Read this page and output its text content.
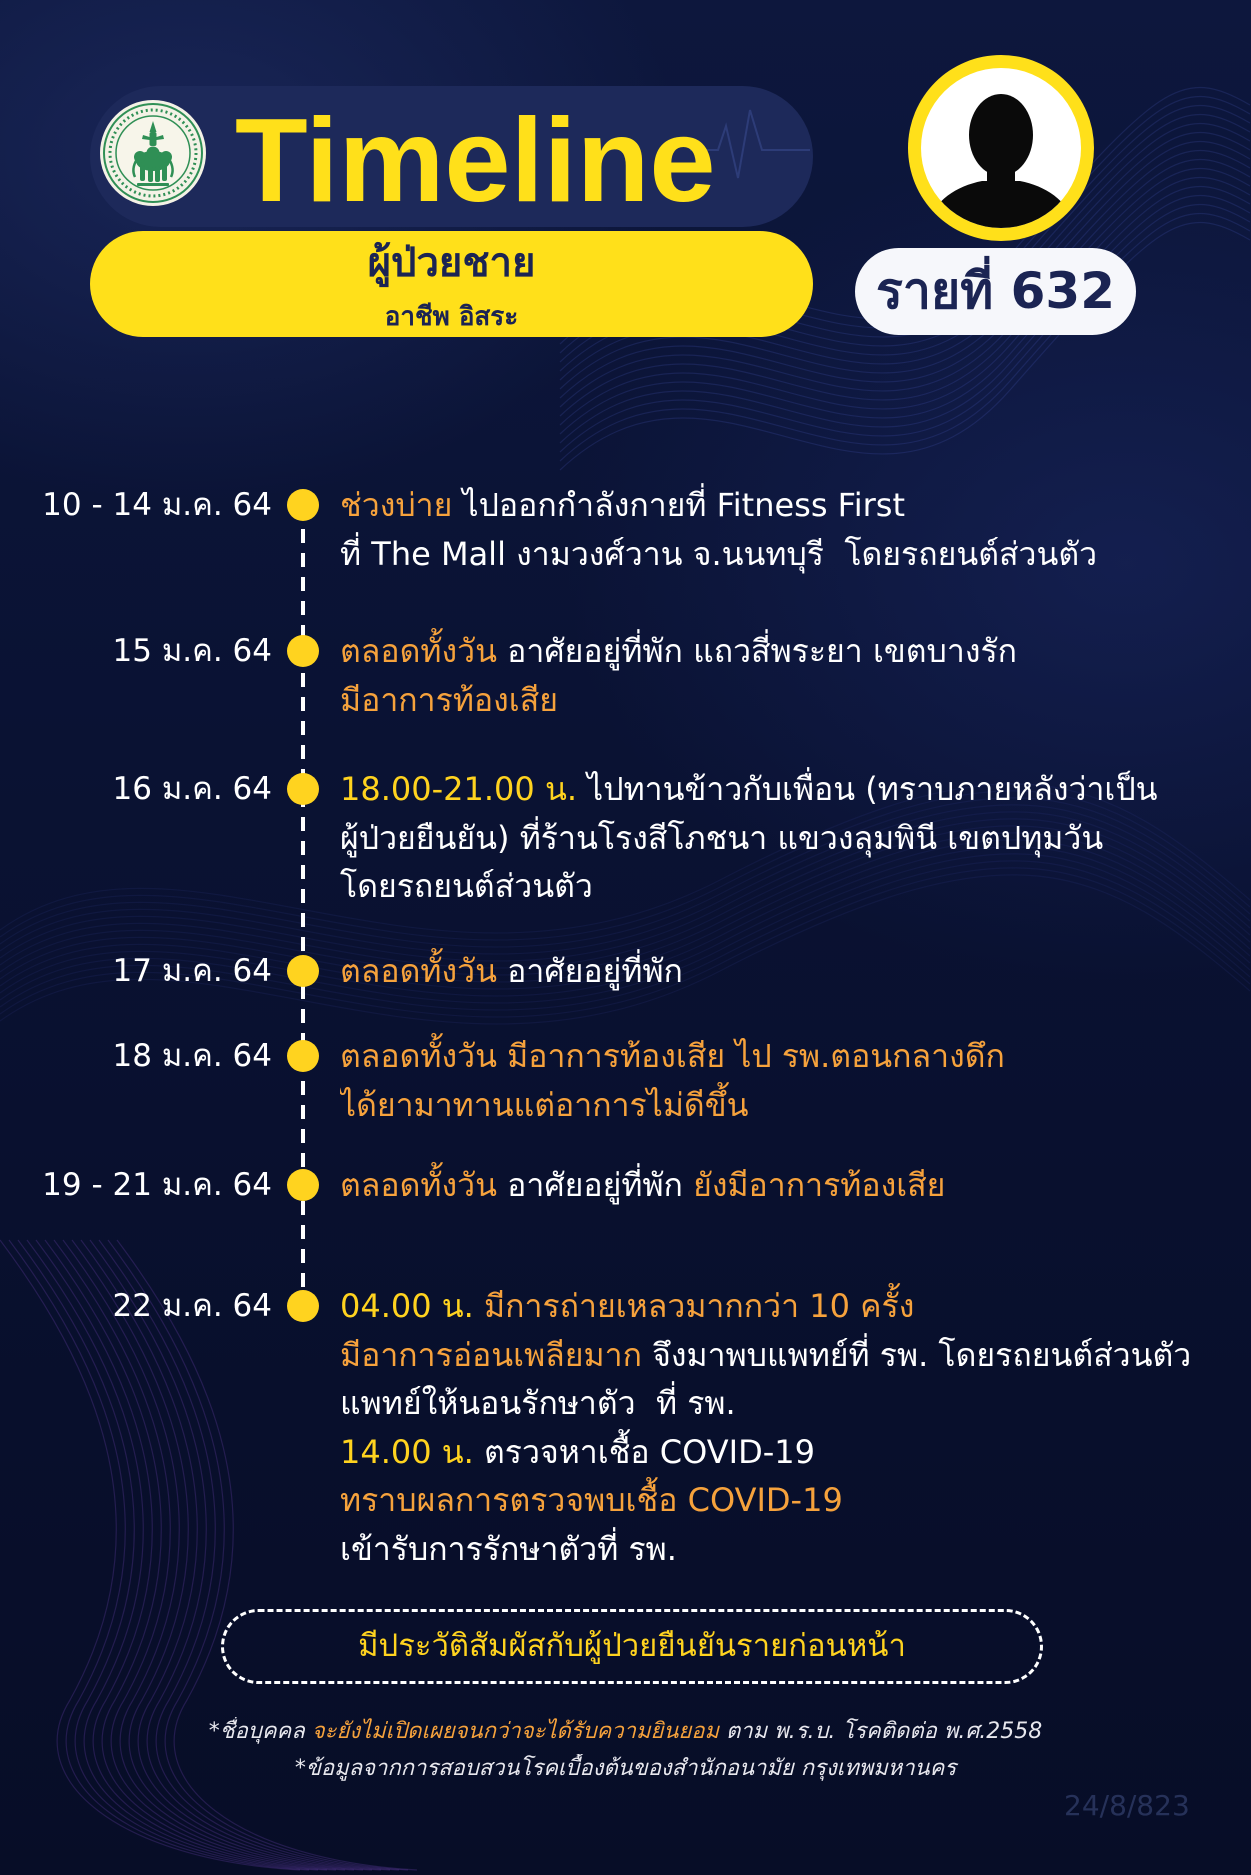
Timeline
ผู้ป่วยชาย
อาชีพ อิสระ	รายที่ 632
10 - 14 ม.ค. 64 ช่วงบ่าย ไปออกกำลังกายที่ Fitness First
ที่ The Mall งามวงศ์วาน จ.นนทบุรี  โดยรถยนต์ส่วนตัว
15 ม.ค. 64 ตลอดทั้งวัน อาศัยอยู่ที่พัก แถวสี่พระยา เขตบางรัก
มีอาการท้องเสีย
16 ม.ค. 64 18.00-21.00 น. ไปทานข้าวกับเพื่อน (ทราบภายหลังว่าเป็น
ผู้ป่วยยืนยัน) ที่ร้านโรงสีโภชนา แขวงลุมพินี เขตปทุมวัน
โดยรถยนต์ส่วนตัว
17 ม.ค. 64 ตลอดทั้งวัน อาศัยอยู่ที่พัก
18 ม.ค. 64 ตลอดทั้งวัน มีอาการท้องเสีย ไป รพ.ตอนกลางดึก
ได้ยามาทานแต่อาการไม่ดีขึ้น
19 - 21 ม.ค. 64 ตลอดทั้งวัน อาศัยอยู่ที่พัก ยังมีอาการท้องเสีย
22 ม.ค. 64 04.00 น. มีการถ่ายเหลวมากกว่า 10 ครั้ง
มีอาการอ่อนเพลียมาก จึงมาพบแพทย์ที่ รพ. โดยรถยนต์ส่วนตัว
แพทย์ให้นอนรักษาตัว  ที่ รพ.
14.00 น. ตรวจหาเชื้อ COVID-19
ทราบผลการตรวจพบเชื้อ COVID-19
เข้ารับการรักษาตัวที่ รพ.
มีประวัติสัมผัสกับผู้ป่วยยืนยันรายก่อนหน้า
*ชื่อบุคคล จะยังไม่เปิดเผยจนกว่าจะได้รับความยินยอม ตาม พ.ร.บ. โรคติดต่อ พ.ศ.2558
*ข้อมูลจากการสอบสวนโรคเบื้องต้นของสำนักอนามัย กรุงเทพมหานคร
24/8/823
